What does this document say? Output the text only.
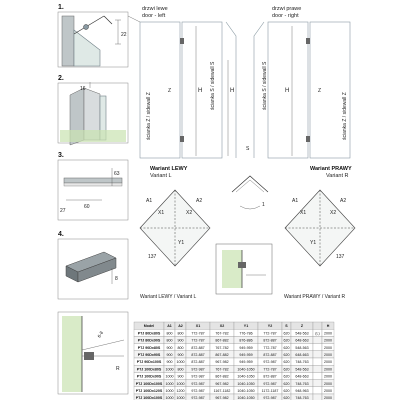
1.
22
2.
16
3.
63
27
60
4.
8
drzwi lewe
door - left
drzwi prawe
door - right
ścianka Z / sidewall Z
ścianka S / sidewall S	ścianka S / sidewall S
ścianka Z / sidewall Z
H	H	H
Z	Z
S
Wariant LEWY
Variant L
Wariant PRAWY
Variant R
1
X1	X2
Y1
A1	A2
137
X1	X2
Y1
A1	A2
137
Wariant LEWY / Variant L	Wariant PRAWY / Variant R
6-8
R
Model	A1 A2	X1	X2	Y1	Y2	S	Z	H
PTJ 80Dx80S 800 800 772-787	767-782	776-786	772-787 620 548-563 (L) 2000
PTJ 80Dx90S 800 900 772-787	867-882	876-886	872-887 620 648-663	2000
PTJ 90Dx80S 900 800 872-887	767-782	949-959	772-787 620 548-563	2000
PTJ 90Dx90S 900 900 872-887	867-882	949-959	872-887 620 648-663	2000
PTJ 90Dx100S 900 1000 872-887	967-982	949-959	972-987 620 748-763	2000
PTJ 100Dx80S 1000 800 972-987	767-782 1040-1050 772-787 620 548-563	2000
PTJ 100Dx90S 1000 900 972-987	867-882 1040-1050 872-887 620 648-663	2000
PTJ 100Dx100S 1000 1000 972-987	967-982 1040-1050 972-987 620 748-763	2000
PTJ 100Dx120S 1000 1200 972-987	1167-1182 1040-1050 1172-1187 620 948-963	2000
PTJ 100Dx100S 1000 1000 972-987	967-982 1040-1050 972-987 620 748-763	2000
